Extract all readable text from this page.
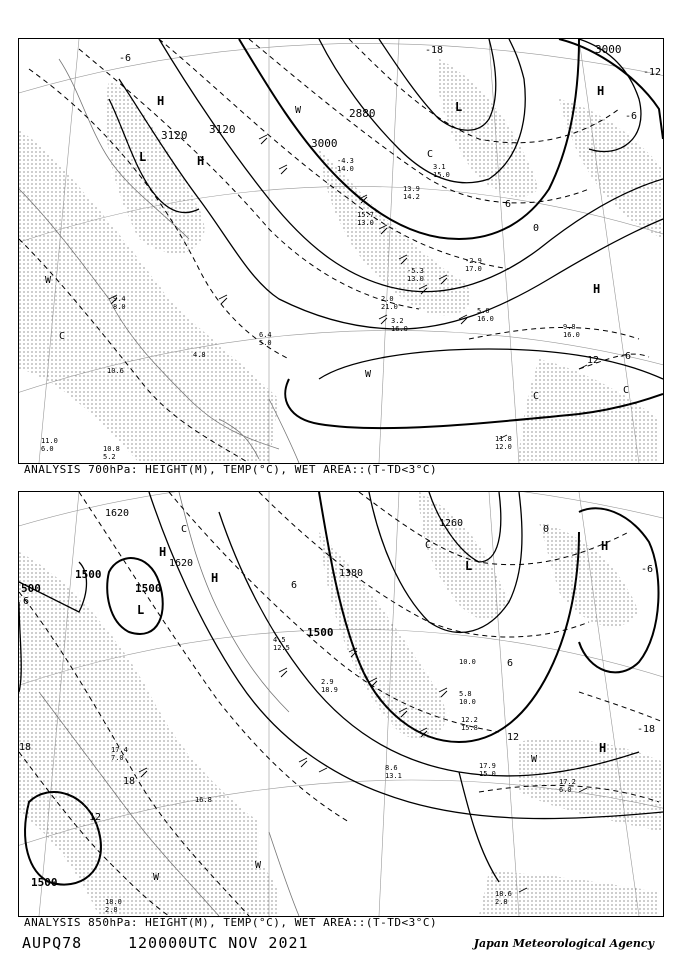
3000
3000
3120 3120
2880
H
H
H
H
L
L
-6
-12
-18
-6
0
6
12 -6
W
W
C
C
C
W
C
9.4
8.0
10.6
4.8
11.0
6.0	10.8
5.2
9.8
16.0
11.8
12.0
5.0
16.0
3.2
16.0
6.4
5.0
2.0
21.0
-5.3
13.0
-2.9
17.0
13.9
14.2
15.7
13.0
-4.3
14.0	3.1
15.0
ANALYSIS 700hPa: HEIGHT(M), TEMP(°C), WET AREA::(T-TD<3°C)
1500
1500
1500
500
1500
1620
1620
1380
1260
H
H
H
H
L
L
6
12
0
-6
-18
6
18
12
18
6
W
W
W
C
C
17.2
6.0
17.9
15.0
18.6
2.8
18.0
2.8
16.8
17.4
7.0
8.6
13.1
12.2
15.8
10.0
5.8
10.0
4.5
12.5
2.9
18.9
ANALYSIS 850hPa: HEIGHT(M), TEMP(°C), WET AREA::(T-TD<3°C)
AUPQ78	120000UTC NOV 2021	Japan Meteorological Agency
